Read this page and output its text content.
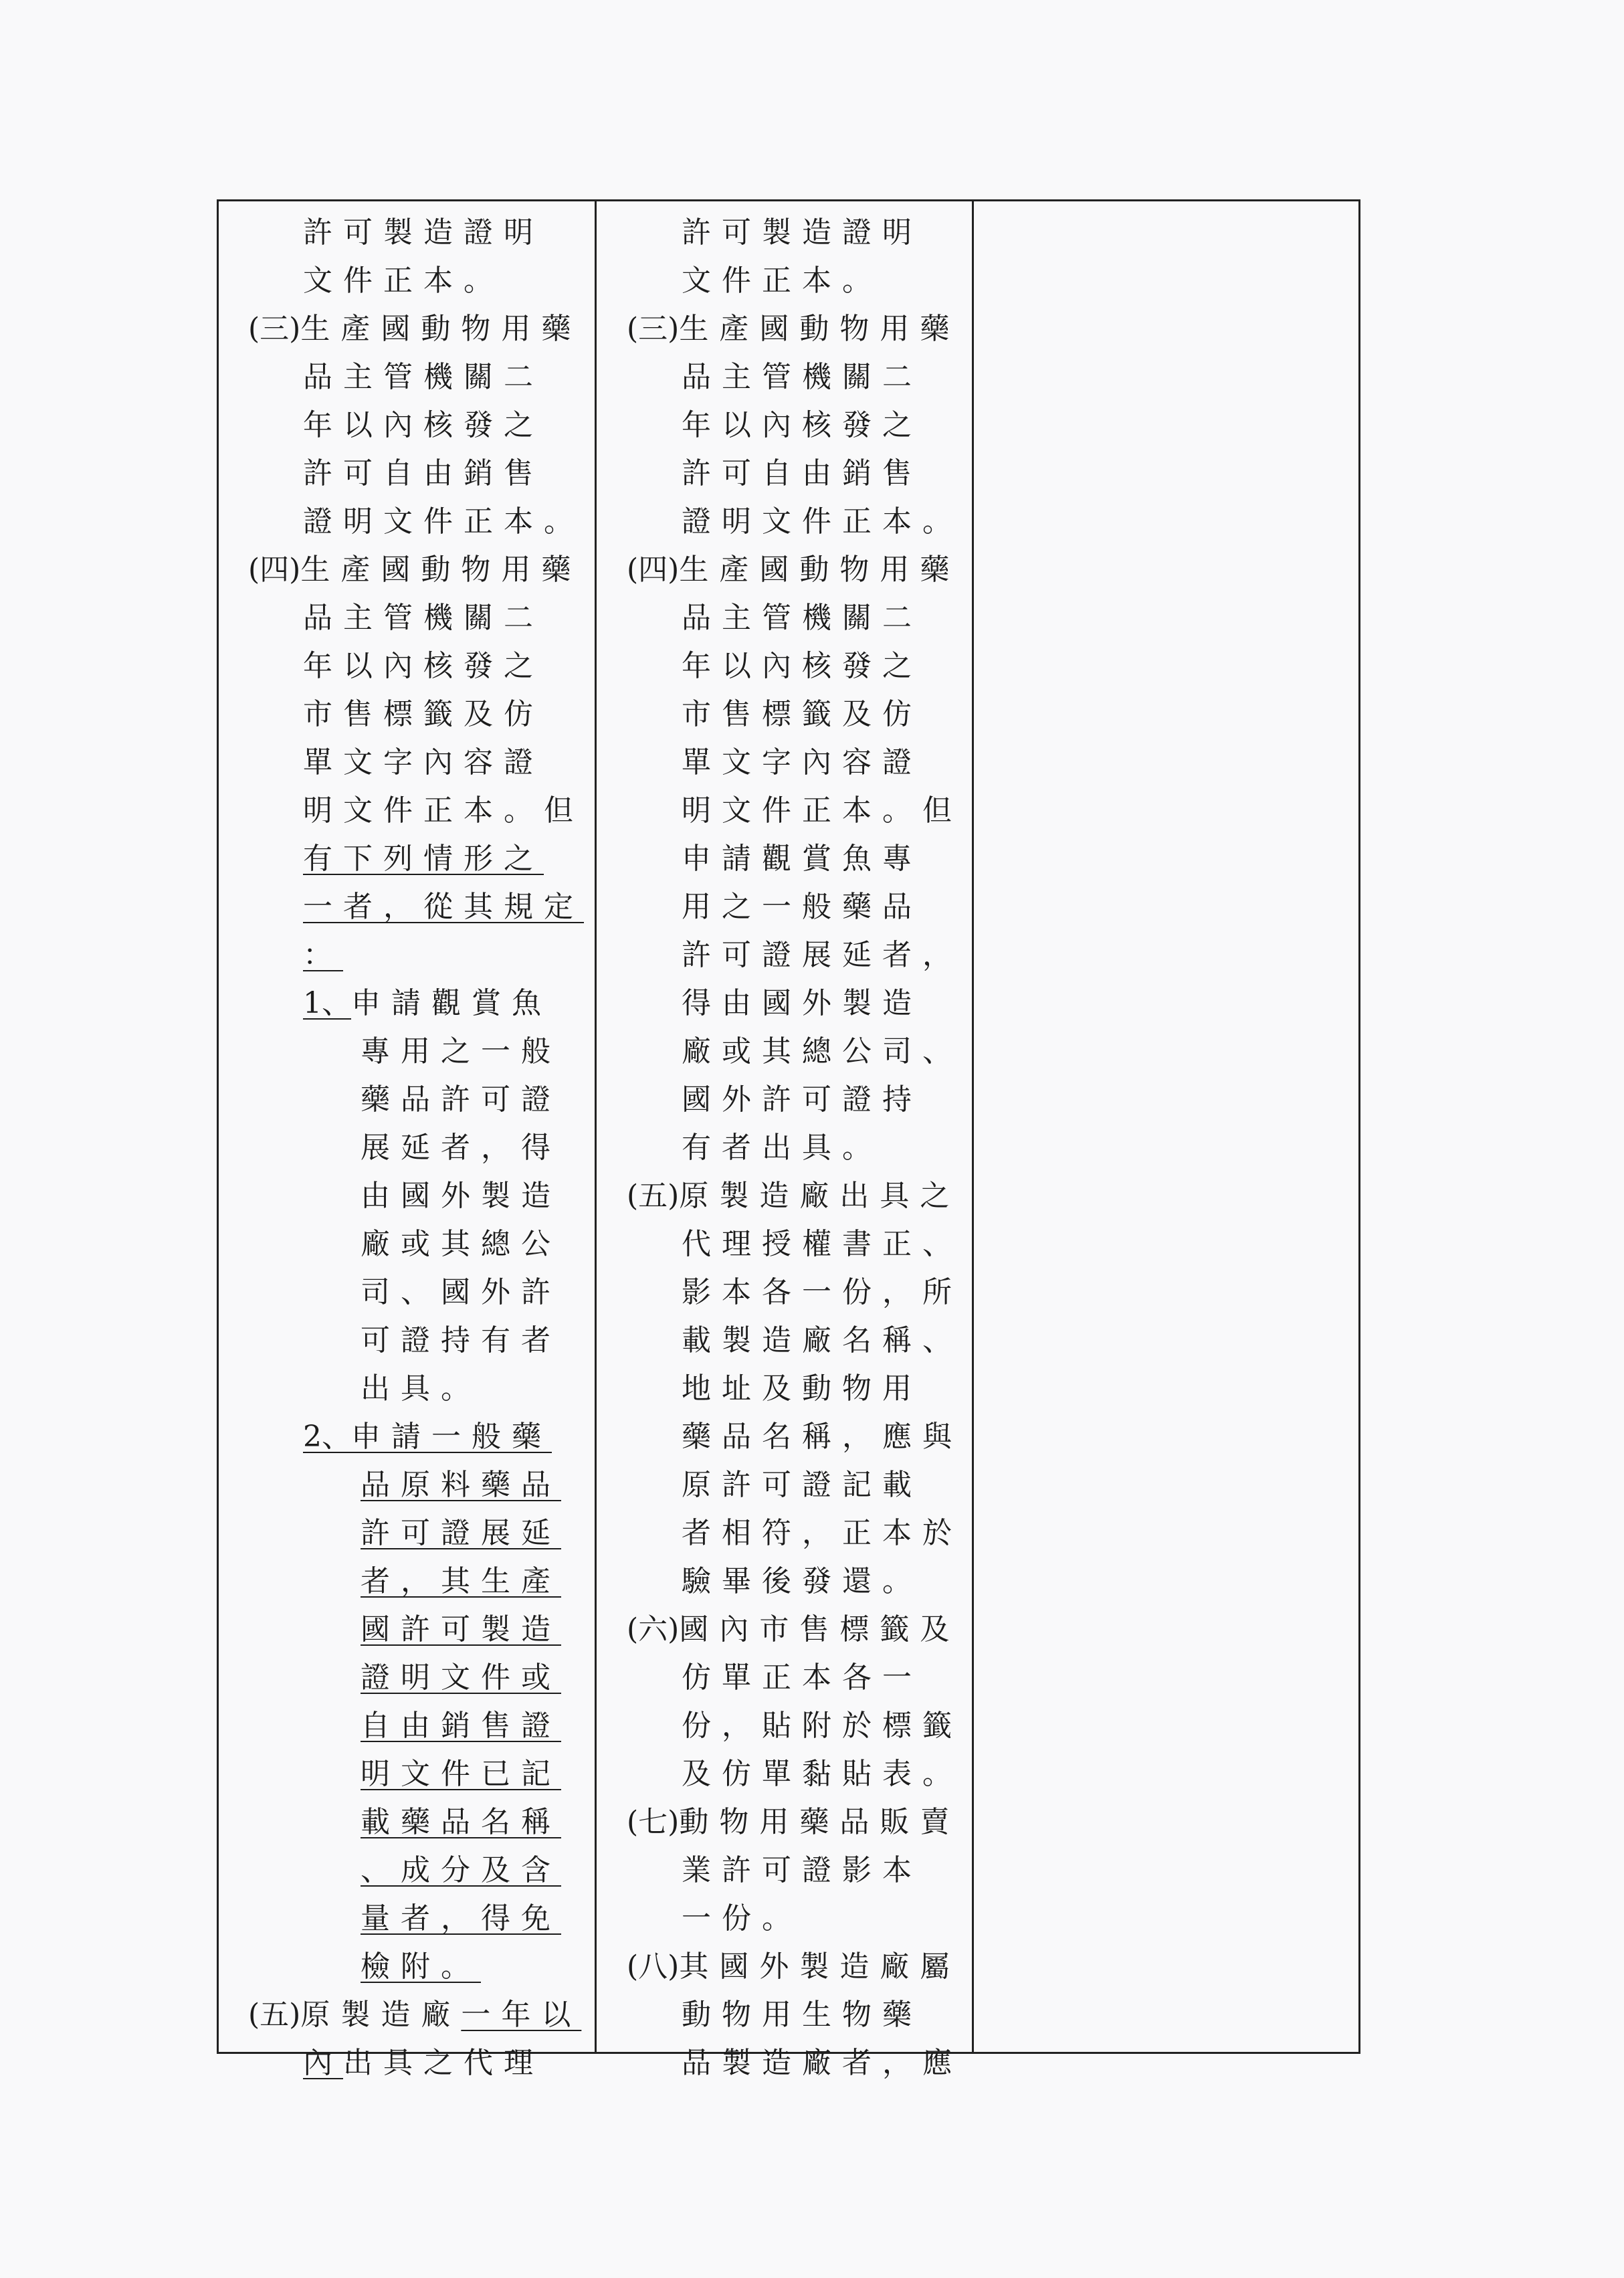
許可製造證明
文件正本。
(三)生產國動物用藥
品主管機關二
年以內核發之
許可自由銷售
證明文件正本。
(四)生產國動物用藥
品主管機關二
年以內核發之
市售標籤及仿
單文字內容證
明文件正本。但
有下列情形之
一者，從其規定
：
1、申請觀賞魚
專用之一般
藥品許可證
展延者，得
由國外製造
廠或其總公
司、國外許
可證持有者
出具。
2、申請一般藥
品原料藥品
許可證展延
者，其生產
國許可製造
證明文件或
自由銷售證
明文件已記
載藥品名稱
、成分及含
量者，得免
檢附。
(五)原製造廠一年以
內出具之代理
許可製造證明
文件正本。
(三)生產國動物用藥
品主管機關二
年以內核發之
許可自由銷售
證明文件正本。
(四)生產國動物用藥
品主管機關二
年以內核發之
市售標籤及仿
單文字內容證
明文件正本。但
申請觀賞魚專
用之一般藥品
許可證展延者，
得由國外製造
廠或其總公司、
國外許可證持
有者出具。
(五)原製造廠出具之
代理授權書正、
影本各一份，所
載製造廠名稱、
地址及動物用
藥品名稱，應與
原許可證記載
者相符，正本於
驗畢後發還。
(六)國內市售標籤及
仿單正本各一
份，貼附於標籤
及仿單黏貼表。
(七)動物用藥品販賣
業許可證影本
一份。
(八)其國外製造廠屬
動物用生物藥
品製造廠者，應
